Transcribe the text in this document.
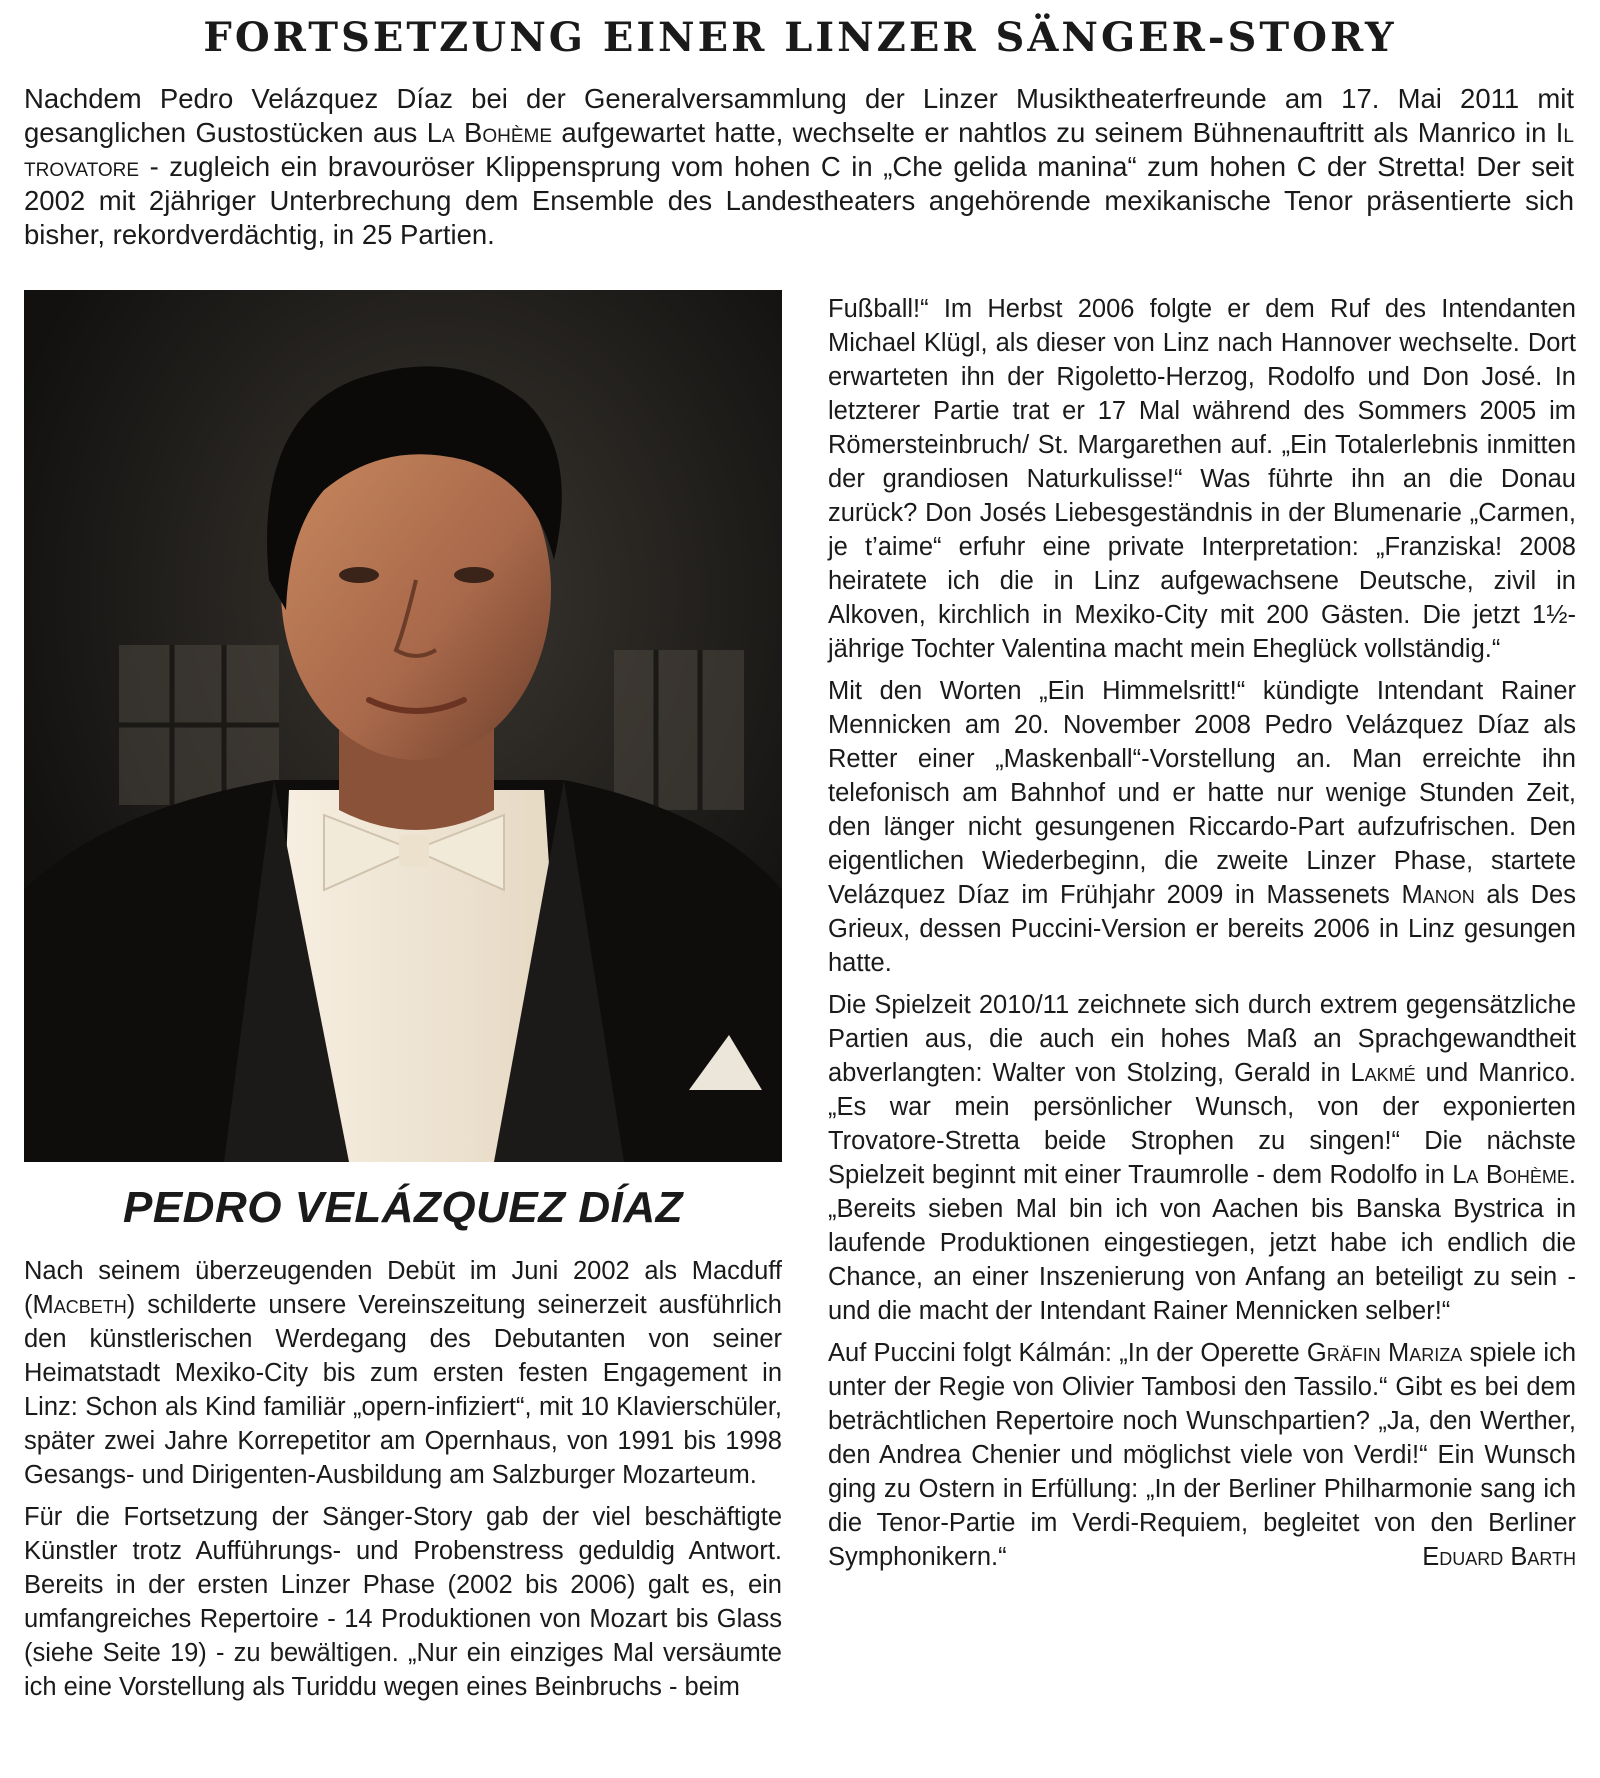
FORTSETZUNG EINER LINZER SÄNGER-STORY

Nachdem Pedro Velázquez Díaz bei der Generalversammlung der Linzer Musiktheaterfreunde am 17. Mai 2011 mit gesanglichen Gustostücken aus La Bohème aufgewartet hatte, wechselte er nahtlos zu seinem Bühnenauftritt als Manrico in Il trovatore - zugleich ein bravouröser Klippensprung vom hohen C in „Che gelida manina“ zum hohen C der Stretta! Der seit 2002 mit 2jähriger Unterbrechung dem Ensemble des Landestheaters angehörende mexikanische Tenor präsentierte sich bisher, rekordverdächtig, in 25 Partien.

PEDRO VELÁZQUEZ DÍAZ

Nach seinem überzeugenden Debüt im Juni 2002 als Macduff (Macbeth) schilderte unsere Vereinszeitung seinerzeit ausführlich den künstlerischen Werdegang des Debutanten von seiner Heimatstadt Mexiko-City bis zum ersten festen Engagement in Linz: Schon als Kind familiär „opern-infiziert“, mit 10 Klavierschüler, später zwei Jahre Korrepetitor am Opernhaus, von 1991 bis 1998 Gesangs- und Dirigenten-Ausbildung am Salzburger Mozarteum.

Für die Fortsetzung der Sänger-Story gab der viel beschäftigte Künstler trotz Aufführungs- und Probenstress geduldig Antwort. Bereits in der ersten Linzer Phase (2002 bis 2006) galt es, ein umfangreiches Repertoire - 14 Produktionen von Mozart bis Glass (siehe Seite 19) - zu bewältigen. „Nur ein einziges Mal versäumte ich eine Vorstellung als Turiddu wegen eines Beinbruchs - beim

Fußball!“ Im Herbst 2006 folgte er dem Ruf des Intendanten Michael Klügl, als dieser von Linz nach Hannover wechselte. Dort erwarteten ihn der Rigoletto-Herzog, Rodolfo und Don José. In letzterer Partie trat er 17 Mal während des Sommers 2005 im Römersteinbruch/ St. Margarethen auf. „Ein Totalerlebnis inmitten der grandiosen Naturkulisse!“ Was führte ihn an die Donau zurück? Don Josés Liebesgeständnis in der Blumenarie „Carmen, je t’aime“ erfuhr eine private Interpretation: „Franziska! 2008 heiratete ich die in Linz aufgewachsene Deutsche, zivil in Alkoven, kirchlich in Mexiko-City mit 200 Gästen. Die jetzt 1½-jährige Tochter Valentina macht mein Eheglück vollständig.“

Mit den Worten „Ein Himmelsritt!“ kündigte Intendant Rainer Mennicken am 20. November 2008 Pedro Velázquez Díaz als Retter einer „Maskenball“-Vorstellung an. Man erreichte ihn telefonisch am Bahnhof und er hatte nur wenige Stunden Zeit, den länger nicht gesungenen Riccardo-Part aufzufrischen. Den eigentlichen Wiederbeginn, die zweite Linzer Phase, startete Velázquez Díaz im Frühjahr 2009 in Massenets Manon als Des Grieux, dessen Puccini-Version er bereits 2006 in Linz gesungen hatte.

Die Spielzeit 2010/11 zeichnete sich durch extrem gegensätzliche Partien aus, die auch ein hohes Maß an Sprachgewandtheit abverlangten: Walter von Stolzing, Gerald in Lakmé und Manrico. „Es war mein persönlicher Wunsch, von der exponierten Trovatore-Stretta beide Strophen zu singen!“ Die nächste Spielzeit beginnt mit einer Traumrolle - dem Rodolfo in La Bohème. „Bereits sieben Mal bin ich von Aachen bis Banska Bystrica in laufende Produktionen eingestiegen, jetzt habe ich endlich die Chance, an einer Inszenierung von Anfang an beteiligt zu sein - und die macht der Intendant Rainer Mennicken selber!“

Auf Puccini folgt Kálmán: „In der Operette Gräfin Mariza spiele ich unter der Regie von Olivier Tambosi den Tassilo.“ Gibt es bei dem beträchtlichen Repertoire noch Wunschpartien? „Ja, den Werther, den Andrea Chenier und möglichst viele von Verdi!“ Ein Wunsch ging zu Ostern in Erfüllung: „In der Berliner Philharmonie sang ich die Tenor-Partie im Verdi-Requiem, begleitet von den Berliner Symphonikern.“	Eduard Barth
